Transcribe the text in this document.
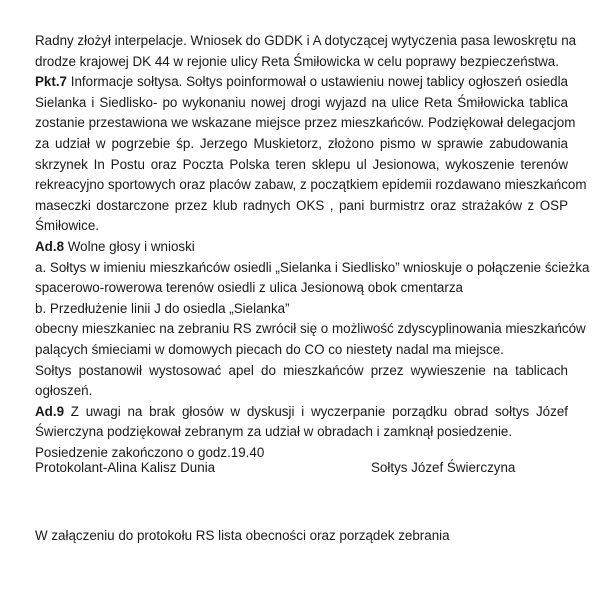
Radny złożył interpelacje. Wniosek do GDDK i A dotyczącej wytyczenia pasa lewoskrętu na
drodze krajowej DK 44 w rejonie ulicy Reta Śmiłowicka w celu poprawy bezpieczeństwa.
Pkt.7 Informacje sołtysa. Sołtys poinformował o ustawieniu nowej tablicy ogłoszeń osiedla
Sielanka i Siedlisko- po wykonaniu nowej drogi wyjazd na ulice Reta Śmiłowicka tablica
zostanie przestawiona we wskazane miejsce przez mieszkańców. Podziękował delegacjom
za udział w pogrzebie śp. Jerzego Muskietorz, złożono pismo w sprawie zabudowania
skrzynek In Postu oraz Poczta Polska teren sklepu ul Jesionowa, wykoszenie terenów
rekreacyjno sportowych oraz placów zabaw, z początkiem epidemii rozdawano mieszkańcom
maseczki dostarczone przez klub radnych OKS , pani burmistrz oraz strażaków z OSP
Śmiłowice.
Ad.8 Wolne głosy i wnioski
a. Sołtys w imieniu mieszkańców osiedli „Sielanka i Siedlisko” wnioskuje o połączenie ścieżka
spacerowo-rowerowa terenów osiedli z ulica Jesionową obok cmentarza
b. Przedłużenie linii J do osiedla „Sielanka”
obecny mieszkaniec na zebraniu RS zwrócił się o możliwość zdyscyplinowania mieszkańców
palących śmieciami w domowych piecach do CO co niestety nadal ma miejsce.
Sołtys postanowił wystosować apel do mieszkańców przez wywieszenie na tablicach
ogłoszeń.
Ad.9 Z uwagi na brak głosów w dyskusji i wyczerpanie porządku obrad sołtys Józef
Świerczyna podziękował zebranym za udział w obradach i zamknął posiedzenie.
Posiedzenie zakończono o godz.19.40
Protokolant-Alina Kalisz Dunia	Sołtys Józef Świerczyna
W załączeniu do protokołu RS lista obecności oraz porządek zebrania
